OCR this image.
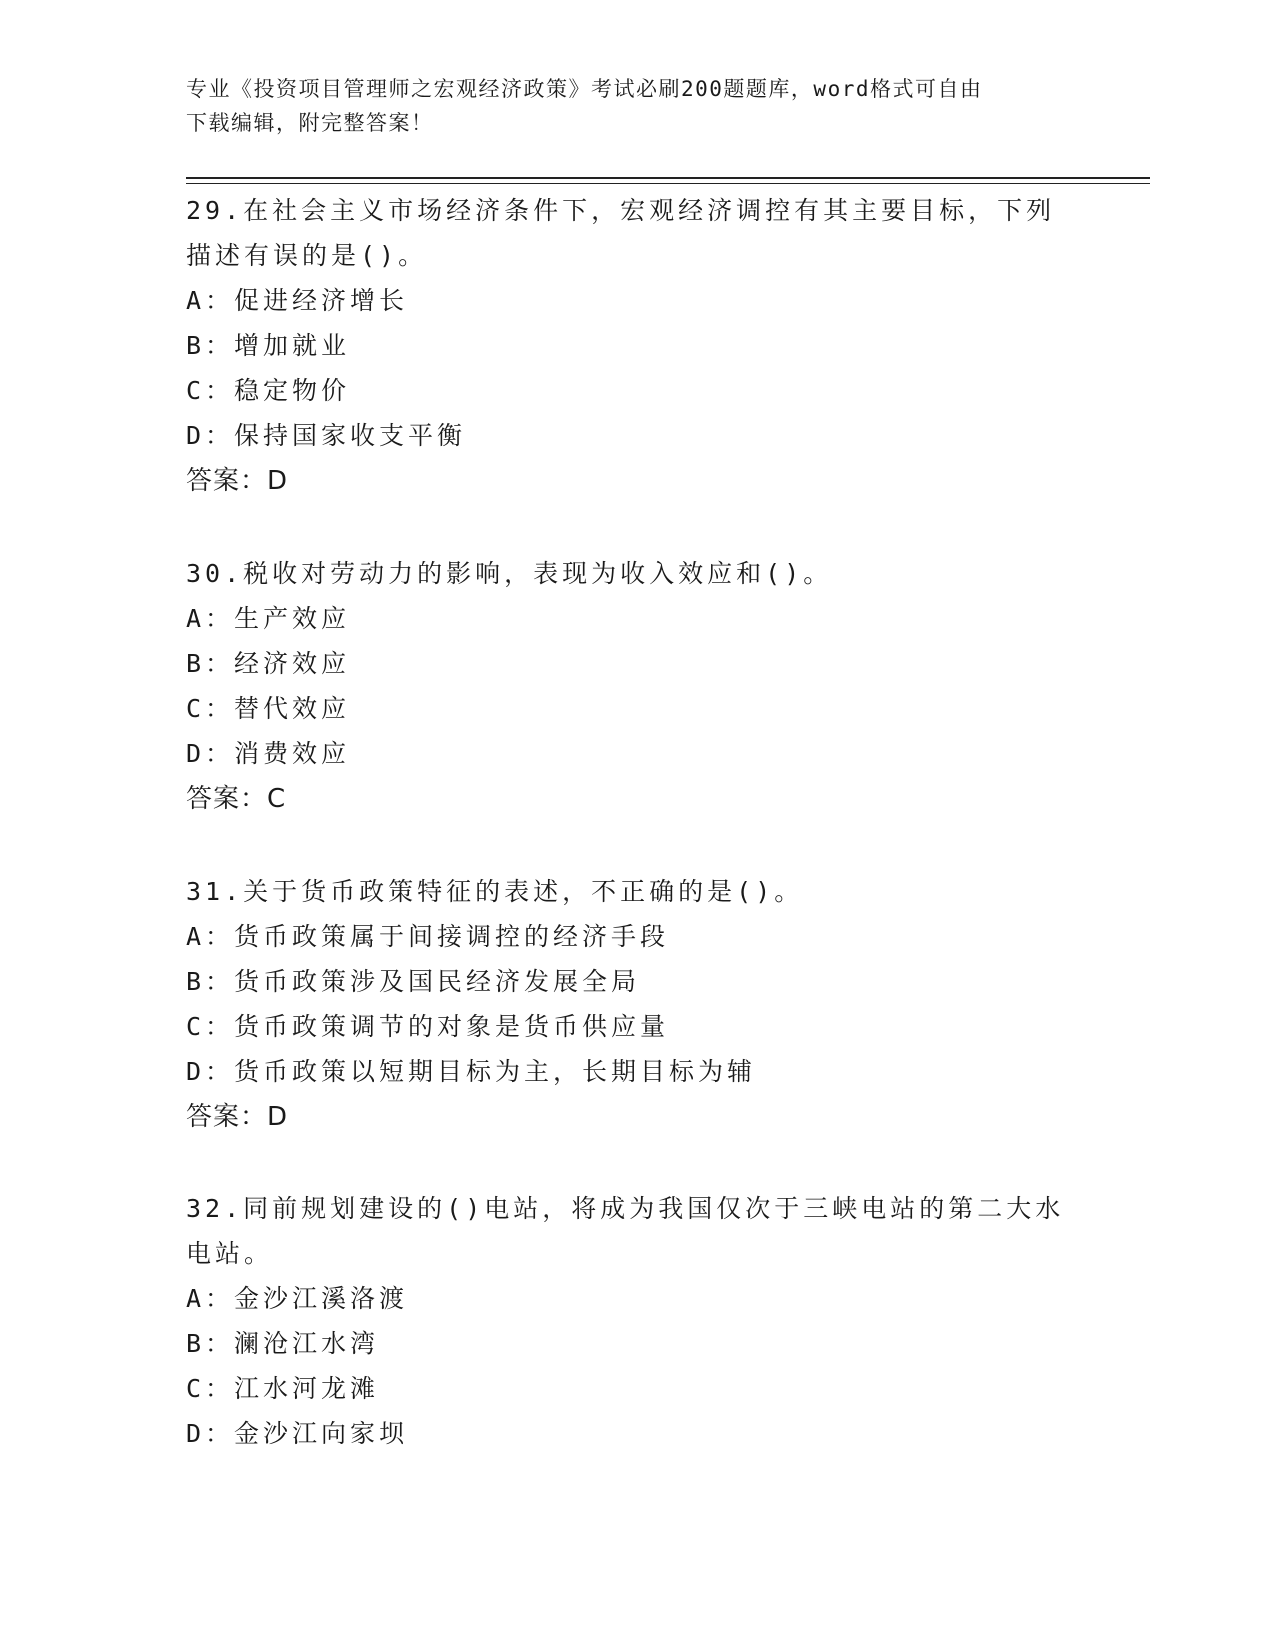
专业《投资项目管理师之宏观经济政策》考试必刷200题题库，word格式可自由
下载编辑，附完整答案！
29.在社会主义市场经济条件下，宏观经济调控有其主要目标，下列描述有误的是()。
A：促进经济增长
B：增加就业
C：稳定物价
D：保持国家收支平衡
答案：D
30.税收对劳动力的影响，表现为收入效应和()。
A：生产效应
B：经济效应
C：替代效应
D：消费效应
答案：C
31.关于货币政策特征的表述，不正确的是()。
A：货币政策属于间接调控的经济手段
B：货币政策涉及国民经济发展全局
C：货币政策调节的对象是货币供应量
D：货币政策以短期目标为主，长期目标为辅
答案：D
32.同前规划建设的()电站，将成为我国仅次于三峡电站的第二大水电站。
A：金沙江溪洛渡
B：澜沧江水湾
C：江水河龙滩
D：金沙江向家坝
